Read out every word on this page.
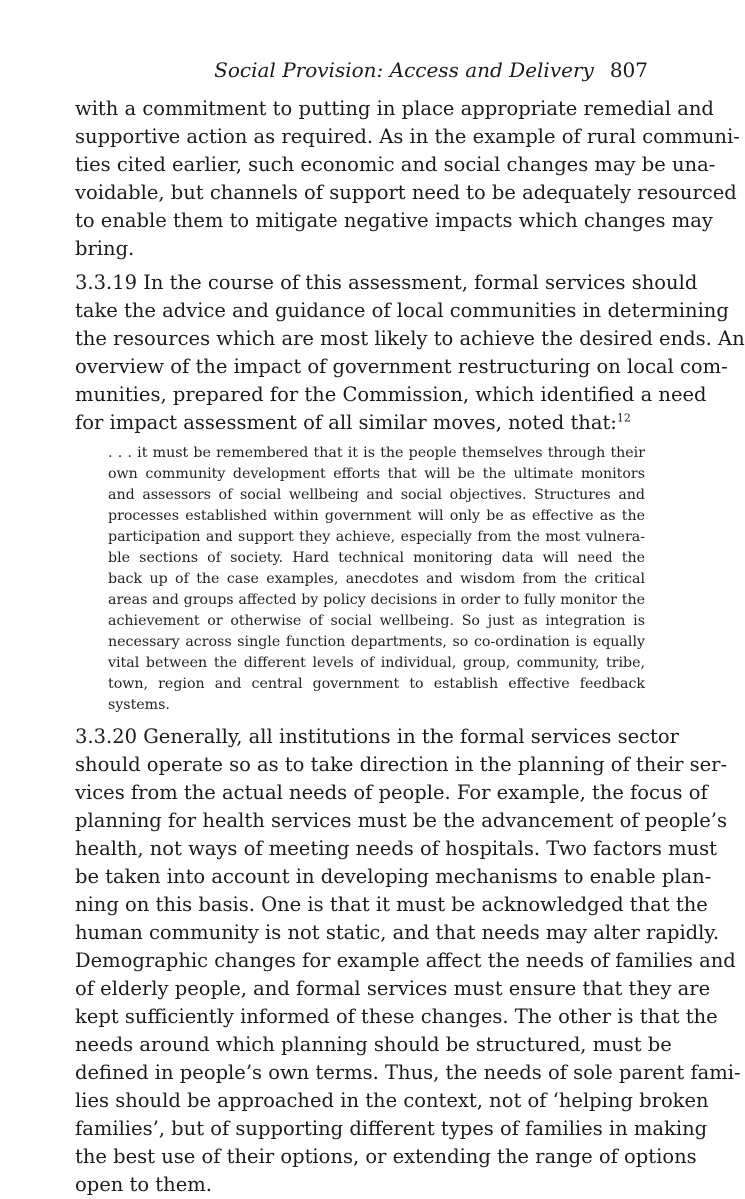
Social Provision: Access and Delivery 807
with a commitment to putting in place appropriate remedial and
supportive action as required. As in the example of rural communi-
ties cited earlier, such economic and social changes may be una-
voidable, but channels of support need to be adequately resourced
to enable them to mitigate negative impacts which changes may
bring.
3.3.19 In the course of this assessment, formal services should
take the advice and guidance of local communities in determining
the resources which are most likely to achieve the desired ends. An
overview of the impact of government restructuring on local com-
munities, prepared for the Commission, which identified a need
for impact assessment of all similar moves, noted that:$^{12}$
. . . it must be remembered that it is the people themselves through their
own community development efforts that will be the ultimate monitors
and assessors of social wellbeing and social objectives. Structures and
processes established within government will only be as effective as the
participation and support they achieve, especially from the most vulnera-
ble sections of society. Hard technical monitoring data will need the
back up of the case examples, anecdotes and wisdom from the critical
areas and groups affected by policy decisions in order to fully monitor the
achievement or otherwise of social wellbeing. So just as integration is
necessary across single function departments, so co-ordination is equally
vital between the different levels of individual, group, community, tribe,
town, region and central government to establish effective feedback
systems.
3.3.20 Generally, all institutions in the formal services sector
should operate so as to take direction in the planning of their ser-
vices from the actual needs of people. For example, the focus of
planning for health services must be the advancement of people’s
health, not ways of meeting needs of hospitals. Two factors must
be taken into account in developing mechanisms to enable plan-
ning on this basis. One is that it must be acknowledged that the
human community is not static, and that needs may alter rapidly.
Demographic changes for example affect the needs of families and
of elderly people, and formal services must ensure that they are
kept sufficiently informed of these changes. The other is that the
needs around which planning should be structured, must be
defined in people’s own terms. Thus, the needs of sole parent fami-
lies should be approached in the context, not of ‘helping broken
families’, but of supporting different types of families in making
the best use of their options, or extending the range of options
open to them.
